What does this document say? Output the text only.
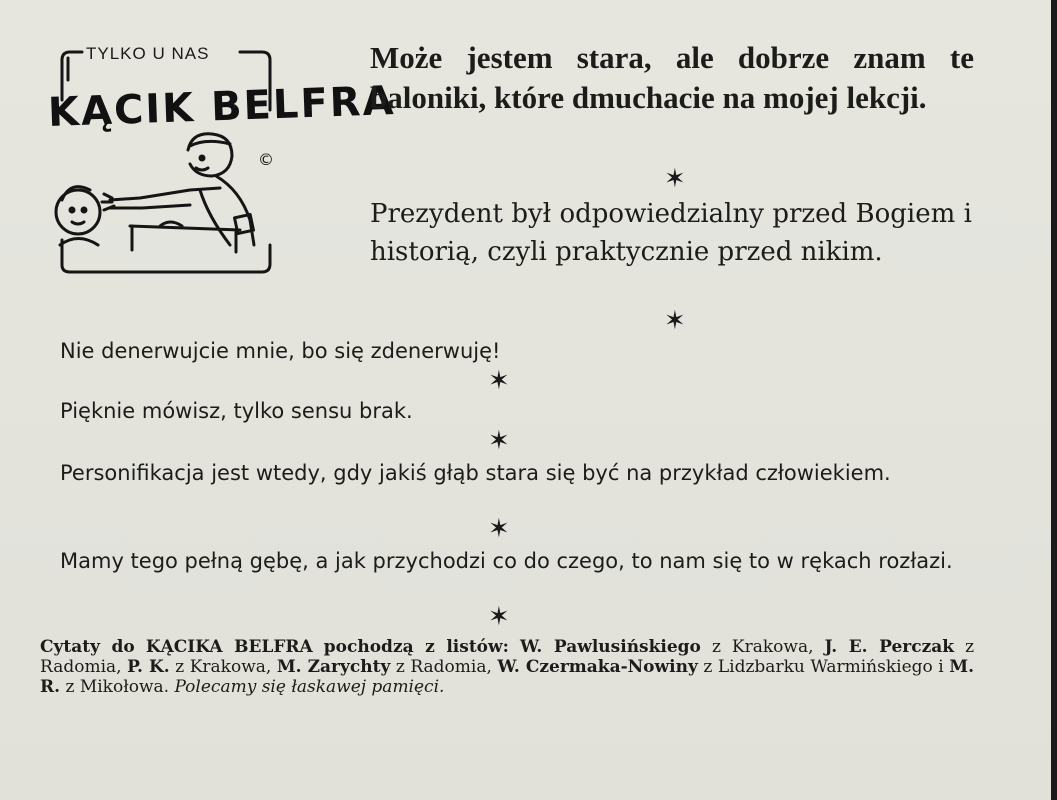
TYLKO U NAS
KĄCIK BELFRA
©

Może jestem stara, ale dobrze znam te baloniki, które dmuchacie na mojej lekcji.

✶

Prezydent był odpowiedzialny przed Bogiem i historią, czyli praktycznie przed nikim.

✶

Nie denerwujcie mnie, bo się zdenerwuję!

✶

Pięknie mówisz, tylko sensu brak.

✶

Personifikacja jest wtedy, gdy jakiś głąb stara się być na przykład człowiekiem.

✶

Mamy tego pełną gębę, a jak przychodzi co do czego, to nam się to w rękach rozłazi.

✶

Cytaty do KĄCIKA BELFRA pochodzą z listów: W. Pawlusińskiego z Krakowa, J. E. Perczak z Radomia, P. K. z Krakowa, M. Zarychty z Radomia, W. Czermaka-Nowiny z Lidzbarku Warmińskiego i M. R. z Mikołowa. Polecamy się łaskawej pamięci.
